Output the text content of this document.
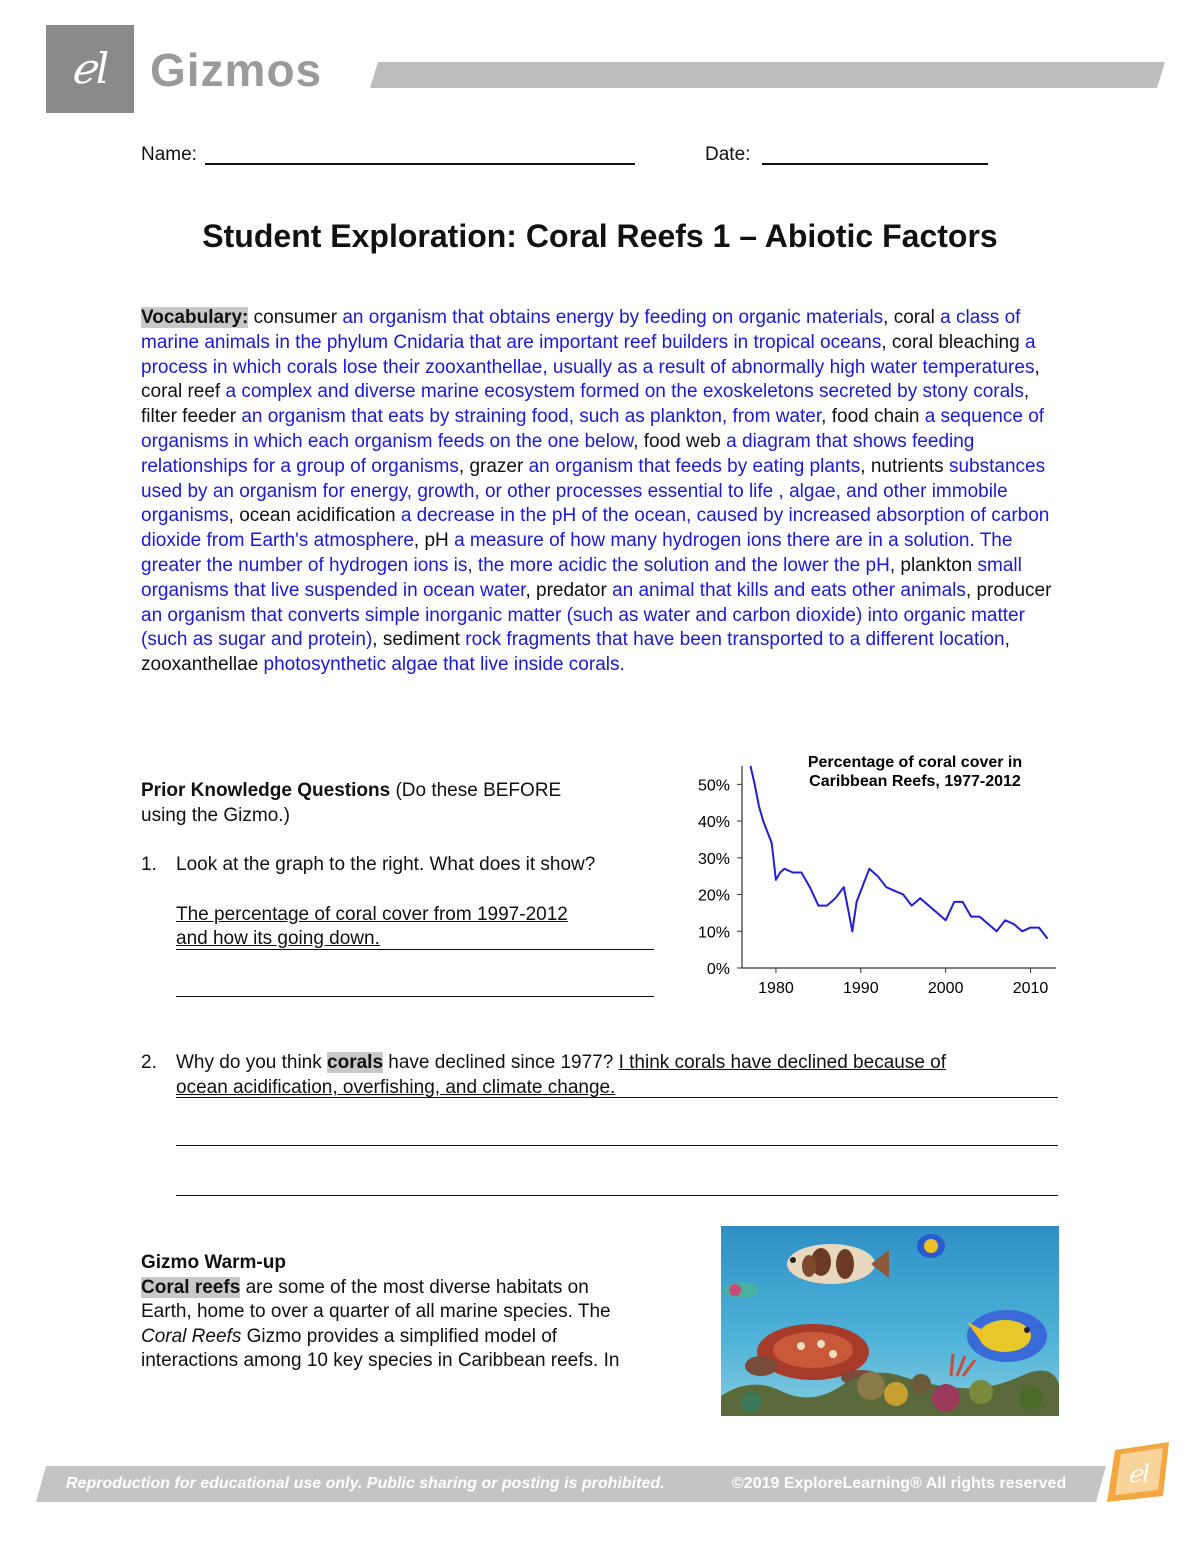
ℯl Gizmos
Name:	Date:
Student Exploration: Coral Reefs 1 – Abiotic Factors
Vocabulary: consumer an organism that obtains energy by feeding on organic materials, coral a class of marine animals in the phylum Cnidaria that are important reef builders in tropical oceans, coral bleaching a process in which corals lose their zooxanthellae, usually as a result of abnormally high water temperatures, coral reef a complex and diverse marine ecosystem formed on the exoskeletons secreted by stony corals, filter feeder an organism that eats by straining food, such as plankton, from water, food chain a sequence of organisms in which each organism feeds on the one below, food web a diagram that shows feeding relationships for a group of organisms, grazer an organism that feeds by eating plants, nutrients substances used by an organism for energy, growth, or other processes essential to life , algae, and other immobile organisms, ocean acidification a decrease in the pH of the ocean, caused by increased absorption of carbon dioxide from Earth's atmosphere, pH a measure of how many hydrogen ions there are in a solution. The greater the number of hydrogen ions is, the more acidic the solution and the lower the pH, plankton small organisms that live suspended in ocean water, predator an animal that kills and eats other animals, producer an organism that converts simple inorganic matter (such as water and carbon dioxide) into organic matter (such as sugar and protein), sediment rock fragments that have been transported to a different location, zooxanthellae photosynthetic algae that live inside corals.
Prior Knowledge Questions (Do these BEFORE
using the Gizmo.)
1. Look at the graph to the right. What does it show?
The percentage of coral cover from 1997-2012
and how its going down.
Percentage of coral cover in
Caribbean Reefs, 1977-2012
0%
10%
20%
30%
40%
50%
1980	1990	2000	2010
2. Why do you think corals have declined since 1977? I think corals have declined because of
ocean acidification, overfishing, and climate change.
Gizmo Warm-up
Coral reefs are some of the most diverse habitats on
Earth, home to over a quarter of all marine species. The
Coral Reefs Gizmo provides a simplified model of
interactions among 10 key species in Caribbean reefs. In
Reproduction for educational use only. Public sharing or posting is prohibited.	©2019 ExploreLearning® All rights reserved	ℯl
